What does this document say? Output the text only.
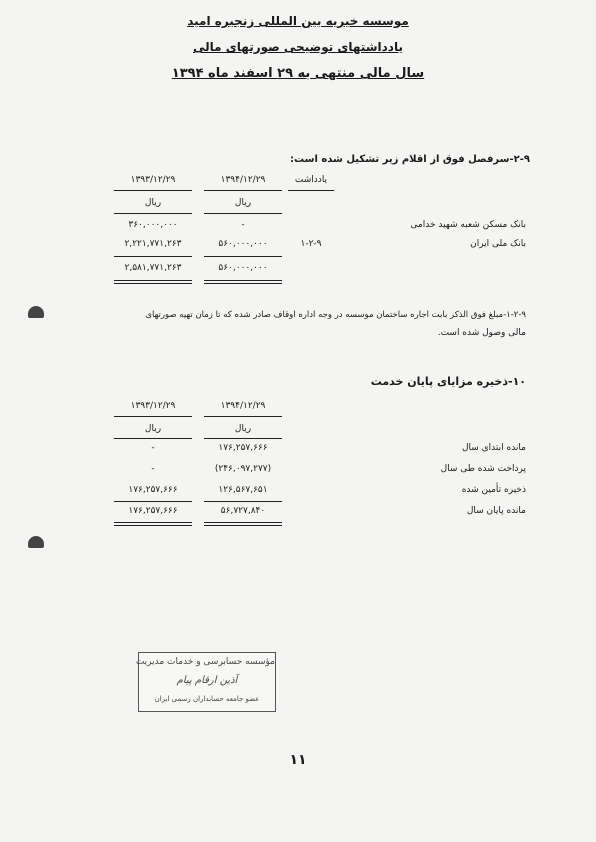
موسسه خیریه بین المللی زنجیره امید
یادداشتهای توضیحی صورتهای مالی
سال مالی منتهی به ۲۹ اسفند ماه ۱۳۹۴
۲-۹-سرفصل فوق از اقلام زیر تشکیل شده است:
یادداشت
۱۳۹۴/۱۲/۲۹
۱۳۹۳/۱۲/۲۹
ریال
ریال
بانک مسکن شعبه شهید خدامی
-
۳۶۰,۰۰۰,۰۰۰
بانک ملی ایران
۱-۲-۹
۵۶۰,۰۰۰,۰۰۰
۲,۲۲۱,۷۷۱,۲۶۳
۵۶۰,۰۰۰,۰۰۰
۲,۵۸۱,۷۷۱,۲۶۳
۱-۲-۹-مبلغ فوق الذکر بابت اجاره ساختمان موسسه در وجه اداره اوقاف صادر شده که تا زمان تهیه صورتهای
مالی وصول شده است.
۱۰-ذخیره مزایای پایان خدمت
۱۳۹۴/۱۲/۲۹
۱۳۹۳/۱۲/۲۹
ریال
ریال
مانده ابتدای سال
۱۷۶,۲۵۷,۶۶۶
-
پرداخت شده طی سال
(۲۴۶,۰۹۷,۲۷۷)
-
ذخیره تأمین شده
۱۲۶,۵۶۷,۶۵۱
۱۷۶,۲۵۷,۶۶۶
مانده پایان سال
۵۶,۷۲۷,۸۴۰
۱۷۶,۲۵۷,۶۶۶
مؤسسه حسابرسی و خدمات مدیریت
آذین ارقام پیام
عضو جامعه حسابداران رسمی ایران
۱۱
